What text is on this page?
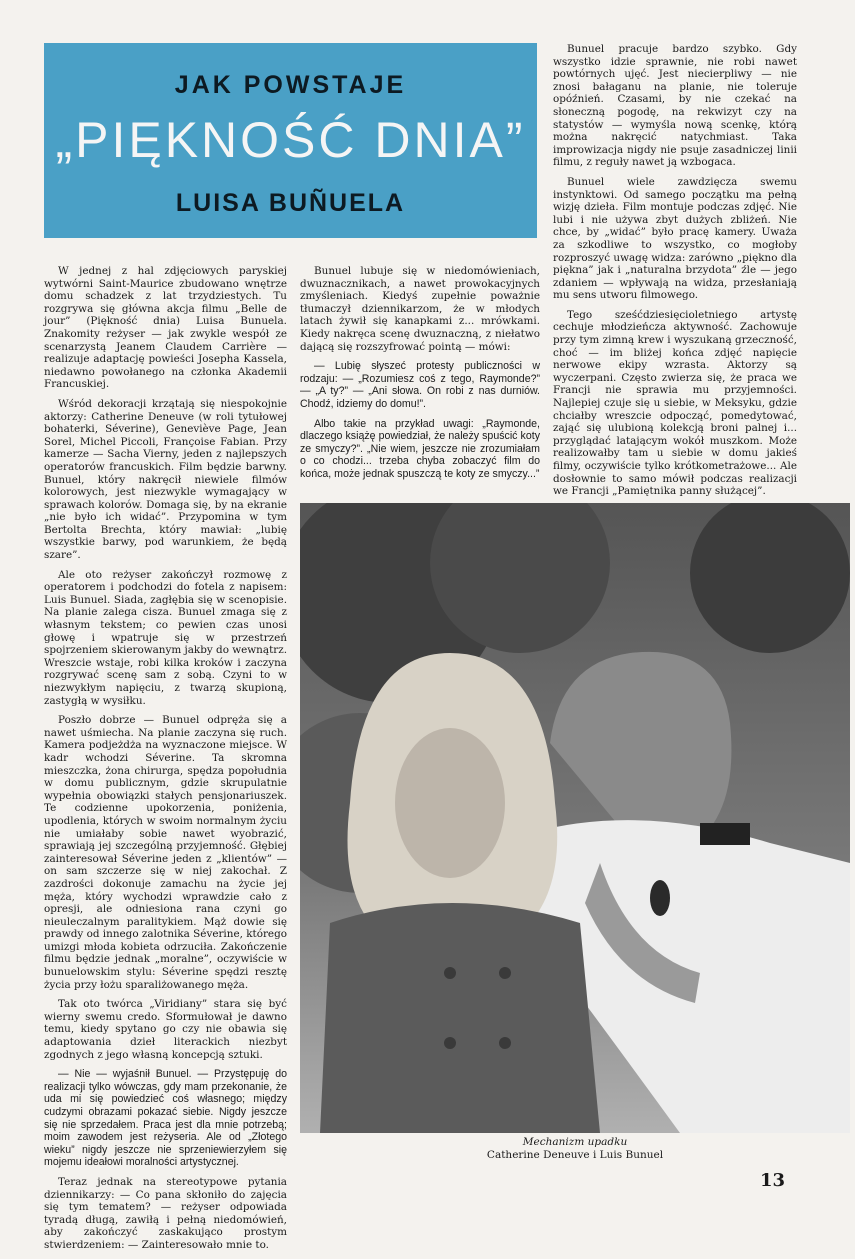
JAK POWSTAJE
„PIĘKNOŚĆ DNIA”
LUISA BUÑUELA

W jednej z hal zdjęciowych paryskiej wytwórni Saint-Maurice zbudowano wnętrze domu schadzek z lat trzydziestych. Tu rozgrywa się główna akcja filmu „Belle de jour” (Piękność dnia) Luisa Bunuela. Znakomity reżyser — jak zwykle wespół ze scenarzystą Jeanem Claudem Carrière — realizuje adaptację powieści Josepha Kassela, niedawno powołanego na członka Akademii Francuskiej.

Wśród dekoracji krzątają się niespokojnie aktorzy: Catherine Deneuve (w roli tytułowej bohaterki, Séverine), Geneviève Page, Jean Sorel, Michel Piccoli, Françoise Fabian. Przy kamerze — Sacha Vierny, jeden z najlepszych operatorów francuskich. Film będzie barwny. Bunuel, który nakręcił niewiele filmów kolorowych, jest niezwykle wymagający w sprawach kolorów. Domaga się, by na ekranie „nie było ich widać”. Przypomina w tym Bertolta Brechta, który mawiał: „lubię wszystkie barwy, pod warunkiem, że będą szare”.

Ale oto reżyser zakończył rozmowę z operatorem i podchodzi do fotela z napisem: Luis Bunuel. Siada, zagłębia się w scenopisie. Na planie zalega cisza. Bunuel zmaga się z własnym tekstem; co pewien czas unosi głowę i wpatruje się w przestrzeń spojrzeniem skierowanym jakby do wewnątrz. Wreszcie wstaje, robi kilka kroków i zaczyna rozgrywać scenę sam z sobą. Czyni to w niezwykłym napięciu, z twarzą skupioną, zastygłą w wysiłku.

Poszło dobrze — Bunuel odpręża się a nawet uśmiecha. Na planie zaczyna się ruch. Kamera podjeżdża na wyznaczone miejsce. W kadr wchodzi Séverine. Ta skromna mieszczka, żona chirurga, spędza popołudnia w domu publicznym, gdzie skrupulatnie wypełnia obowiązki stałych pensjonariuszek. Te codzienne upokorzenia, poniżenia, upodlenia, których w swoim normalnym życiu nie umiałaby sobie nawet wyobrazić, sprawiają jej szczególną przyjemność. Głębiej zainteresował Séverine jeden z „klientów” — on sam szczerze się w niej zakochał. Z zazdrości dokonuje zamachu na życie jej męża, który wychodzi wprawdzie cało z opresji, ale odniesiona rana czyni go nieuleczalnym paralitykiem. Mąż dowie się prawdy od innego zalotnika Séverine, którego umizgi młoda kobieta odrzuciła. Zakończenie filmu będzie jednak „moralne”, oczywiście w bunuelowskim stylu: Séverine spędzi resztę życia przy łożu sparaliżowanego męża.

Tak oto twórca „Viridiany” stara się być wierny swemu credo. Sformułował je dawno temu, kiedy spytano go czy nie obawia się adaptowania dzieł literackich niezbyt zgodnych z jego własną koncepcją sztuki.

— Nie — wyjaśnił Bunuel. — Przystępuję do realizacji tylko wówczas, gdy mam przekonanie, że uda mi się powiedzieć coś własnego; między cudzymi obrazami pokazać siebie. Nigdy jeszcze się nie sprzedałem. Praca jest dla mnie potrzebą; moim zawodem jest reżyseria. Ale od „Złotego wieku” nigdy jeszcze nie sprzeniewierzyłem się mojemu ideałowi moralności artystycznej.

Teraz jednak na stereotypowe pytania dziennikarzy: — Co pana skłoniło do zajęcia się tym tematem? — reżyser odpowiada tyradą długą, zawiłą i pełną niedomówień, aby zakończyć zaskakująco prostym stwierdzeniem: — Zainteresowało mnie to.

Bunuel lubuje się w niedomówieniach, dwuznacznikach, a nawet prowokacyjnych zmyśleniach. Kiedyś zupełnie poważnie tłumaczył dziennikarzom, że w młodych latach żywił się kanapkami z... mrówkami. Kiedy nakręca scenę dwuznaczną, z niełatwo dającą się rozszyfrować pointą — mówi:

— Lubię słyszeć protesty publiczności w rodzaju: — „Rozumiesz coś z tego, Raymonde?” — „A ty?” — „Ani słowa. On robi z nas durniów. Chodź, idziemy do domu!”.

Albo takie na przykład uwagi: „Raymonde, dlaczego książę powiedział, że należy spuścić koty ze smyczy?”. „Nie wiem, jeszcze nie zrozumiałam o co chodzi... trzeba chyba zobaczyć film do końca, może jednak spuszczą te koty ze smyczy...”

Bunuel pracuje bardzo szybko. Gdy wszystko idzie sprawnie, nie robi nawet powtórnych ujęć. Jest niecierpliwy — nie znosi bałaganu na planie, nie toleruje opóźnień. Czasami, by nie czekać na słoneczną pogodę, na rekwizyt czy na statystów — wymyśla nową scenkę, którą można nakręcić natychmiast. Taka improwizacja nigdy nie psuje zasadniczej linii filmu, z reguły nawet ją wzbogaca.

Bunuel wiele zawdzięcza swemu instynktowi. Od samego początku ma pełną wizję dzieła. Film montuje podczas zdjęć. Nie lubi i nie używa zbyt dużych zbliżeń. Nie chce, by „widać” było pracę kamery. Uważa za szkodliwe to wszystko, co mogłoby rozproszyć uwagę widza: zarówno „piękno dla piękna” jak i „naturalna brzydota” źle — jego zdaniem — wpływają na widza, przesłaniają mu sens utworu filmowego.

Tego sześćdziesięcioletniego artystę cechuje młodzieńcza aktywność. Zachowuje przy tym zimną krew i wyszukaną grzeczność, choć — im bliżej końca zdjęć napięcie nerwowe ekipy wzrasta. Aktorzy są wyczerpani. Często zwierza się, że praca we Francji nie sprawia mu przyjemności. Najlepiej czuje się u siebie, w Meksyku, gdzie chciałby wreszcie odpocząć, pomedytować, zająć się ulubioną kolekcją broni palnej i... przyglądać latającym wokół muszkom. Może realizowałby tam u siebie w domu jakieś filmy, oczywiście tylko krótkometrażowe... Ale dosłownie to samo mówił podczas realizacji we Francji „Pamiętnika panny służącej”.

Mechanizm upadku
Catherine Deneuve i Luis Bunuel
13
